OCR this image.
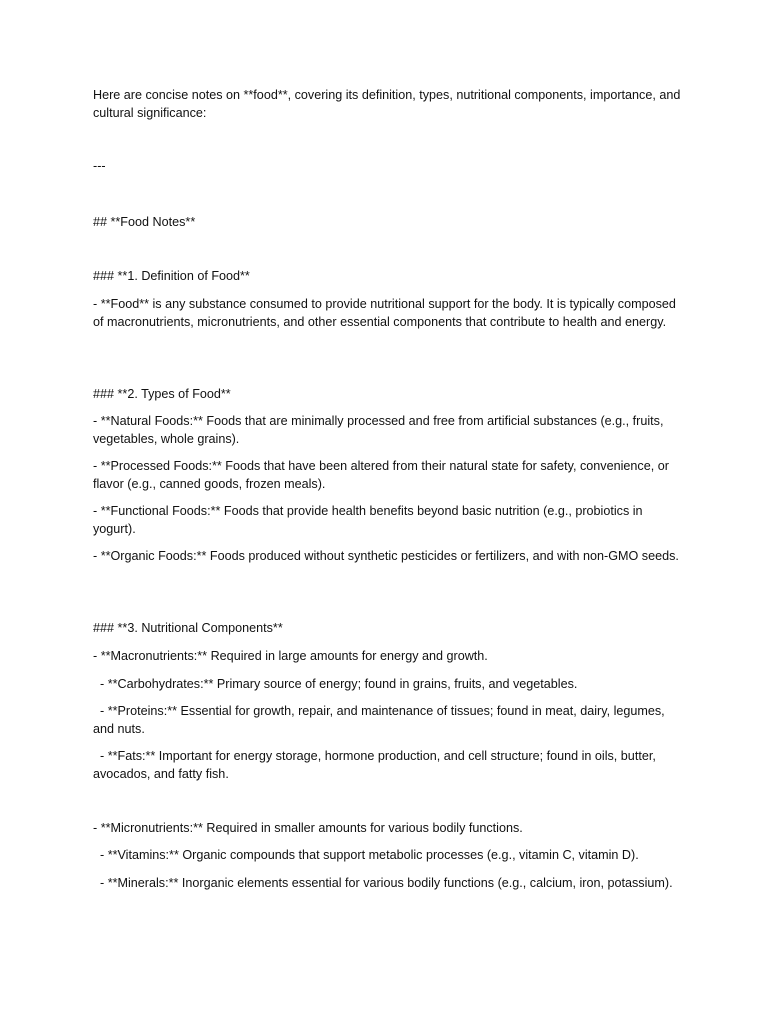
Here are concise notes on **food**, covering its definition, types, nutritional components, importance, and cultural significance:

---

## **Food Notes**

### **1. Definition of Food**

- **Food** is any substance consumed to provide nutritional support for the body. It is typically composed of macronutrients, micronutrients, and other essential components that contribute to health and energy.

### **2. Types of Food**

- **Natural Foods:** Foods that are minimally processed and free from artificial substances (e.g., fruits, vegetables, whole grains).

- **Processed Foods:** Foods that have been altered from their natural state for safety, convenience, or flavor (e.g., canned goods, frozen meals).

- **Functional Foods:** Foods that provide health benefits beyond basic nutrition (e.g., probiotics in yogurt).

- **Organic Foods:** Foods produced without synthetic pesticides or fertilizers, and with non-GMO seeds.

### **3. Nutritional Components**

- **Macronutrients:** Required in large amounts for energy and growth.

- **Carbohydrates:** Primary source of energy; found in grains, fruits, and vegetables.

- **Proteins:** Essential for growth, repair, and maintenance of tissues; found in meat, dairy, legumes, and nuts.

- **Fats:** Important for energy storage, hormone production, and cell structure; found in oils, butter, avocados, and fatty fish.

- **Micronutrients:** Required in smaller amounts for various bodily functions.

- **Vitamins:** Organic compounds that support metabolic processes (e.g., vitamin C, vitamin D).

- **Minerals:** Inorganic elements essential for various bodily functions (e.g., calcium, iron, potassium).
